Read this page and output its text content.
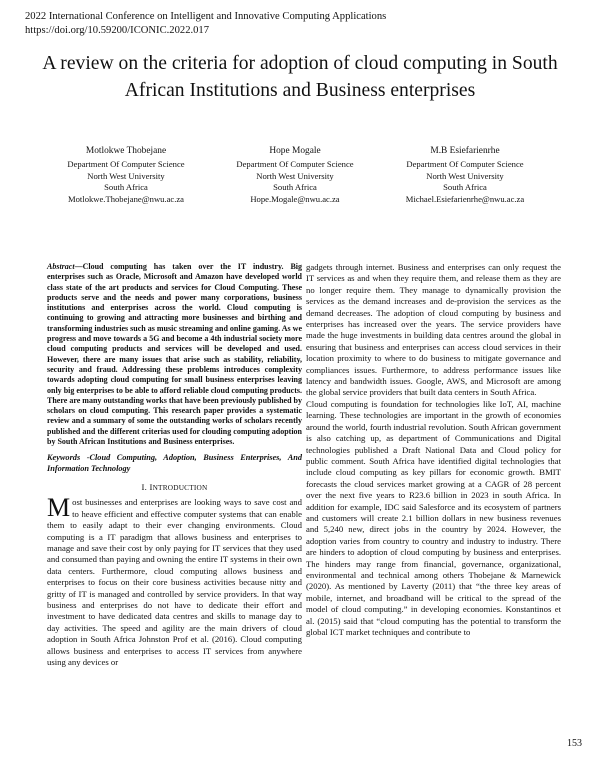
2022 International Conference on Intelligent and Innovative Computing Applications
https://doi.org/10.59200/ICONIC.2022.017
A review on the criteria for adoption of cloud computing in South African Institutions and Business enterprises
Motlokwe Thobejane
Department Of Computer Science
North West University
South Africa
Motlokwe.Thobejane@nwu.ac.za
Hope Mogale
Department Of Computer Science
North West University
South Africa
Hope.Mogale@nwu.ac.za
M.B Esiefarienrhe
Department Of Computer Science
North West University
South Africa
Michael.Esiefarienrhe@nwu.ac.za
Abstract—Cloud computing has taken over the IT industry. Big enterprises such as Oracle, Microsoft and Amazon have developed world class state of the art products and services for Cloud Computing. These products serve and the needs and power many corporations, business institutions and enterprises across the world. Cloud computing is continuing to growing and attracting more businesses and birthing and transforming industries such as music streaming and online gaming. As we progress and move towards a 5G and become a 4th industrial society more cloud computing products and services will be developed and used. However, there are many issues that arise such as stability, reliability, security and fraud. Addressing these problems introduces complexity towards adopting cloud computing for small business enterprises leaving only big enterprises to be able to afford reliable cloud computing products. There are many outstanding works that have been previously published by scholars on cloud computing. This research paper provides a systematic review and a summary of some the outstanding works of scholars recently published and the different criterias used for clouding computing adoption by South African Institutions and Business enterprises.
Keywords -Cloud Computing, Adoption, Business Enterprises, And Information Technology
I. INTRODUCTION
Most businesses and enterprises are looking ways to save cost and to heave efficient and effective computer systems that can enable them to easily adapt to their ever changing environments. Cloud computing is a IT paradigm that allows business and enterprises to manage and save their cost by only paying for IT services that they used and consumed than paying and owning the entire IT systems in their own data centers. Furthermore, cloud computing allows business and enterprises to focus on their core business activities because nitty and gritty of IT is managed and controlled by service providers. In that way business and enterprises do not have to dedicate their effort and investment to have dedicated data centres and skills to manage day to day activities. The speed and agility are the main drivers of cloud adoption in South Africa Johnston Prof et al. (2016). Cloud computing allows business and enterprises to access IT services from anywhere using any devices or
gadgets through internet. Business and enterprises can only request the IT services as and when they require them, and release them as they are no longer require them. They manage to dynamically provision the services as the demand increases and de-provision the services as the demand decreases. The adoption of cloud computing by business and enterprises has increased over the years. The service providers have made the huge investments in building data centres around the global in ensuring that business and enterprises can access cloud services in their location proximity to where to do business to mitigate governance and compliances issues. Furthermore, to address performance issues like latency and bandwidth issues. Google, AWS, and Microsoft are among the global service providers that built data centers in South Africa.
Cloud computing is foundation for technologies like IoT, AI, machine learning. These technologies are important in the growth of economies around the world, fourth industrial revolution. South African government is also catching up, as department of Communications and Digital technologies published a Draft National Data and Cloud policy for public comment. South Africa have identified digital technologies that include cloud computing as key pillars for economic growth. BMIT forecasts the cloud services market growing at a CAGR of 28 percent over the next five years to R23.6 billion in 2023 in south Africa. In addition for example, IDC said Salesforce and its ecosystem of partners and customers will create 2.1 billion dollars in new business revenues and 5,240 new, direct jobs in the country by 2024. However, the adoption varies from country to country and industry to industry. There are hinders to adoption of cloud computing by business and enterprises. The hinders may range from financial, governance, organizational, environmental and technical among others Thobejane & Marnewick (2020). As mentioned by Laverty (2011) that “the three key areas of mobile, internet, and broadband will be critical to the spread of the model of cloud computing.” in developing economies. Konstantinos et al. (2015) said that “cloud computing has the potential to transform the global ICT market techniques and contribute to
153
